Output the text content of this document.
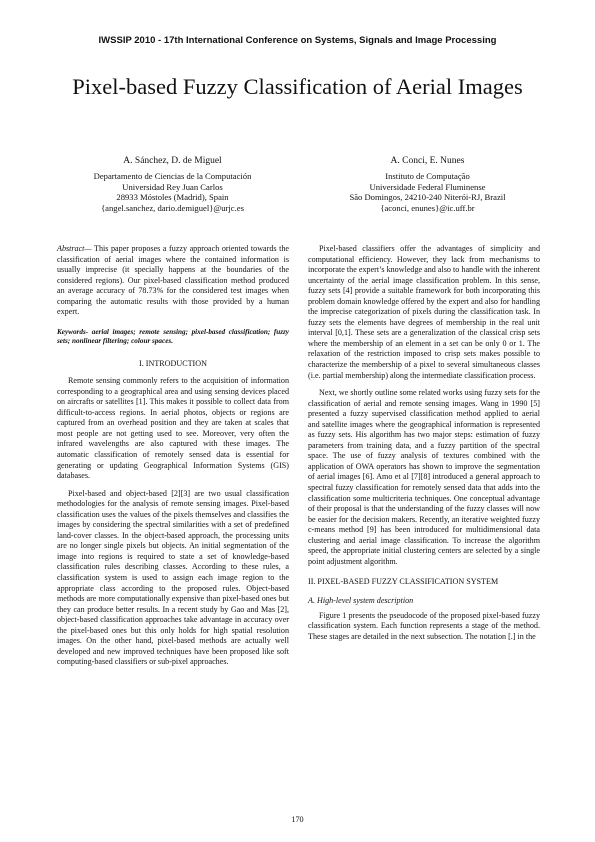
IWSSIP 2010 - 17th International Conference on Systems, Signals and Image Processing
Pixel-based Fuzzy Classification of Aerial Images
A. Sánchez, D. de Miguel
Departamento de Ciencias de la Computación
Universidad Rey Juan Carlos
28933 Móstoles (Madrid), Spain
{angel.sanchez, dario.demiguel}@urjc.es
A. Conci, E. Nunes
Instituto de Computação
Universidade Federal Fluminense
São Domingos, 24210-240 Niterói-RJ, Brazil
{aconci, enunes}@ic.uff.br

Abstract— This paper proposes a fuzzy approach oriented towards the classification of aerial images where the contained information is usually imprecise (it specially happens at the boundaries of the considered regions). Our pixel-based classification method produced an average accuracy of 78.73% for the considered test images when comparing the automatic results with those provided by a human expert.

Keywords- aerial images; remote sensing; pixel-based classification; fuzzy sets; nonlinear filtering; colour spaces.

I. INTRODUCTION

Remote sensing commonly refers to the acquisition of information corresponding to a geographical area and using sensing devices placed on aircrafts or satellites [1]. This makes it possible to collect data from difficult-to-access regions. In aerial photos, objects or regions are captured from an overhead position and they are taken at scales that most people are not getting used to see. Moreover, very often the infrared wavelengths are also captured with these images. The automatic classification of remotely sensed data is essential for generating or updating Geographical Information Systems (GIS) databases.

Pixel-based and object-based [2][3] are two usual classification methodologies for the analysis of remote sensing images. Pixel-based classification uses the values of the pixels themselves and classifies the images by considering the spectral similarities with a set of predefined land-cover classes. In the object-based approach, the processing units are no longer single pixels but objects. An initial segmentation of the image into regions is required to state a set of knowledge-based classification rules describing classes. According to these rules, a classification system is used to assign each image region to the appropriate class according to the proposed rules. Object-based methods are more computationally expensive than pixel-based ones but they can produce better results. In a recent study by Gao and Mas [2], object-based classification approaches take advantage in accuracy over the pixel-based ones but this only holds for high spatial resolution images. On the other hand, pixel-based methods are actually well developed and new improved techniques have been proposed like soft computing-based classifiers or sub-pixel approaches.

Pixel-based classifiers offer the advantages of simplicity and computational efficiency. However, they lack from mechanisms to incorporate the expert’s knowledge and also to handle with the inherent uncertainty of the aerial image classification problem. In this sense, fuzzy sets [4] provide a suitable framework for both incorporating this problem domain knowledge offered by the expert and also for handling the imprecise categorization of pixels during the classification task. In fuzzy sets the elements have degrees of membership in the real unit interval [0,1]. These sets are a generalization of the classical crisp sets where the membership of an element in a set can be only 0 or 1. The relaxation of the restriction imposed to crisp sets makes possible to characterize the membership of a pixel to several simultaneous classes (i.e. partial membership) along the intermediate classification process.

Next, we shortly outline some related works using fuzzy sets for the classification of aerial and remote sensing images. Wang in 1990 [5] presented a fuzzy supervised classification method applied to aerial and satellite images where the geographical information is represented as fuzzy sets. His algorithm has two major steps: estimation of fuzzy parameters from training data, and a fuzzy partition of the spectral space. The use of fuzzy analysis of textures combined with the application of OWA operators has shown to improve the segmentation of aerial images [6]. Amo et al [7][8] introduced a general approach to spectral fuzzy classification for remotely sensed data that adds into the classification some multicriteria techniques. One conceptual advantage of their proposal is that the understanding of the fuzzy classes will now be easier for the decision makers. Recently, an iterative weighted fuzzy c-means method [9] has been introduced for multidimensional data clustering and aerial image classification. To increase the algorithm speed, the appropriate initial clustering centers are selected by a single point adjustment algorithm.

II. PIXEL-BASED FUZZY CLASSIFICATION SYSTEM

A. High-level system description

Figure 1 presents the pseudocode of the proposed pixel-based fuzzy classification system. Each function represents a stage of the method. These stages are detailed in the next subsection. The notation [.] in the

170
